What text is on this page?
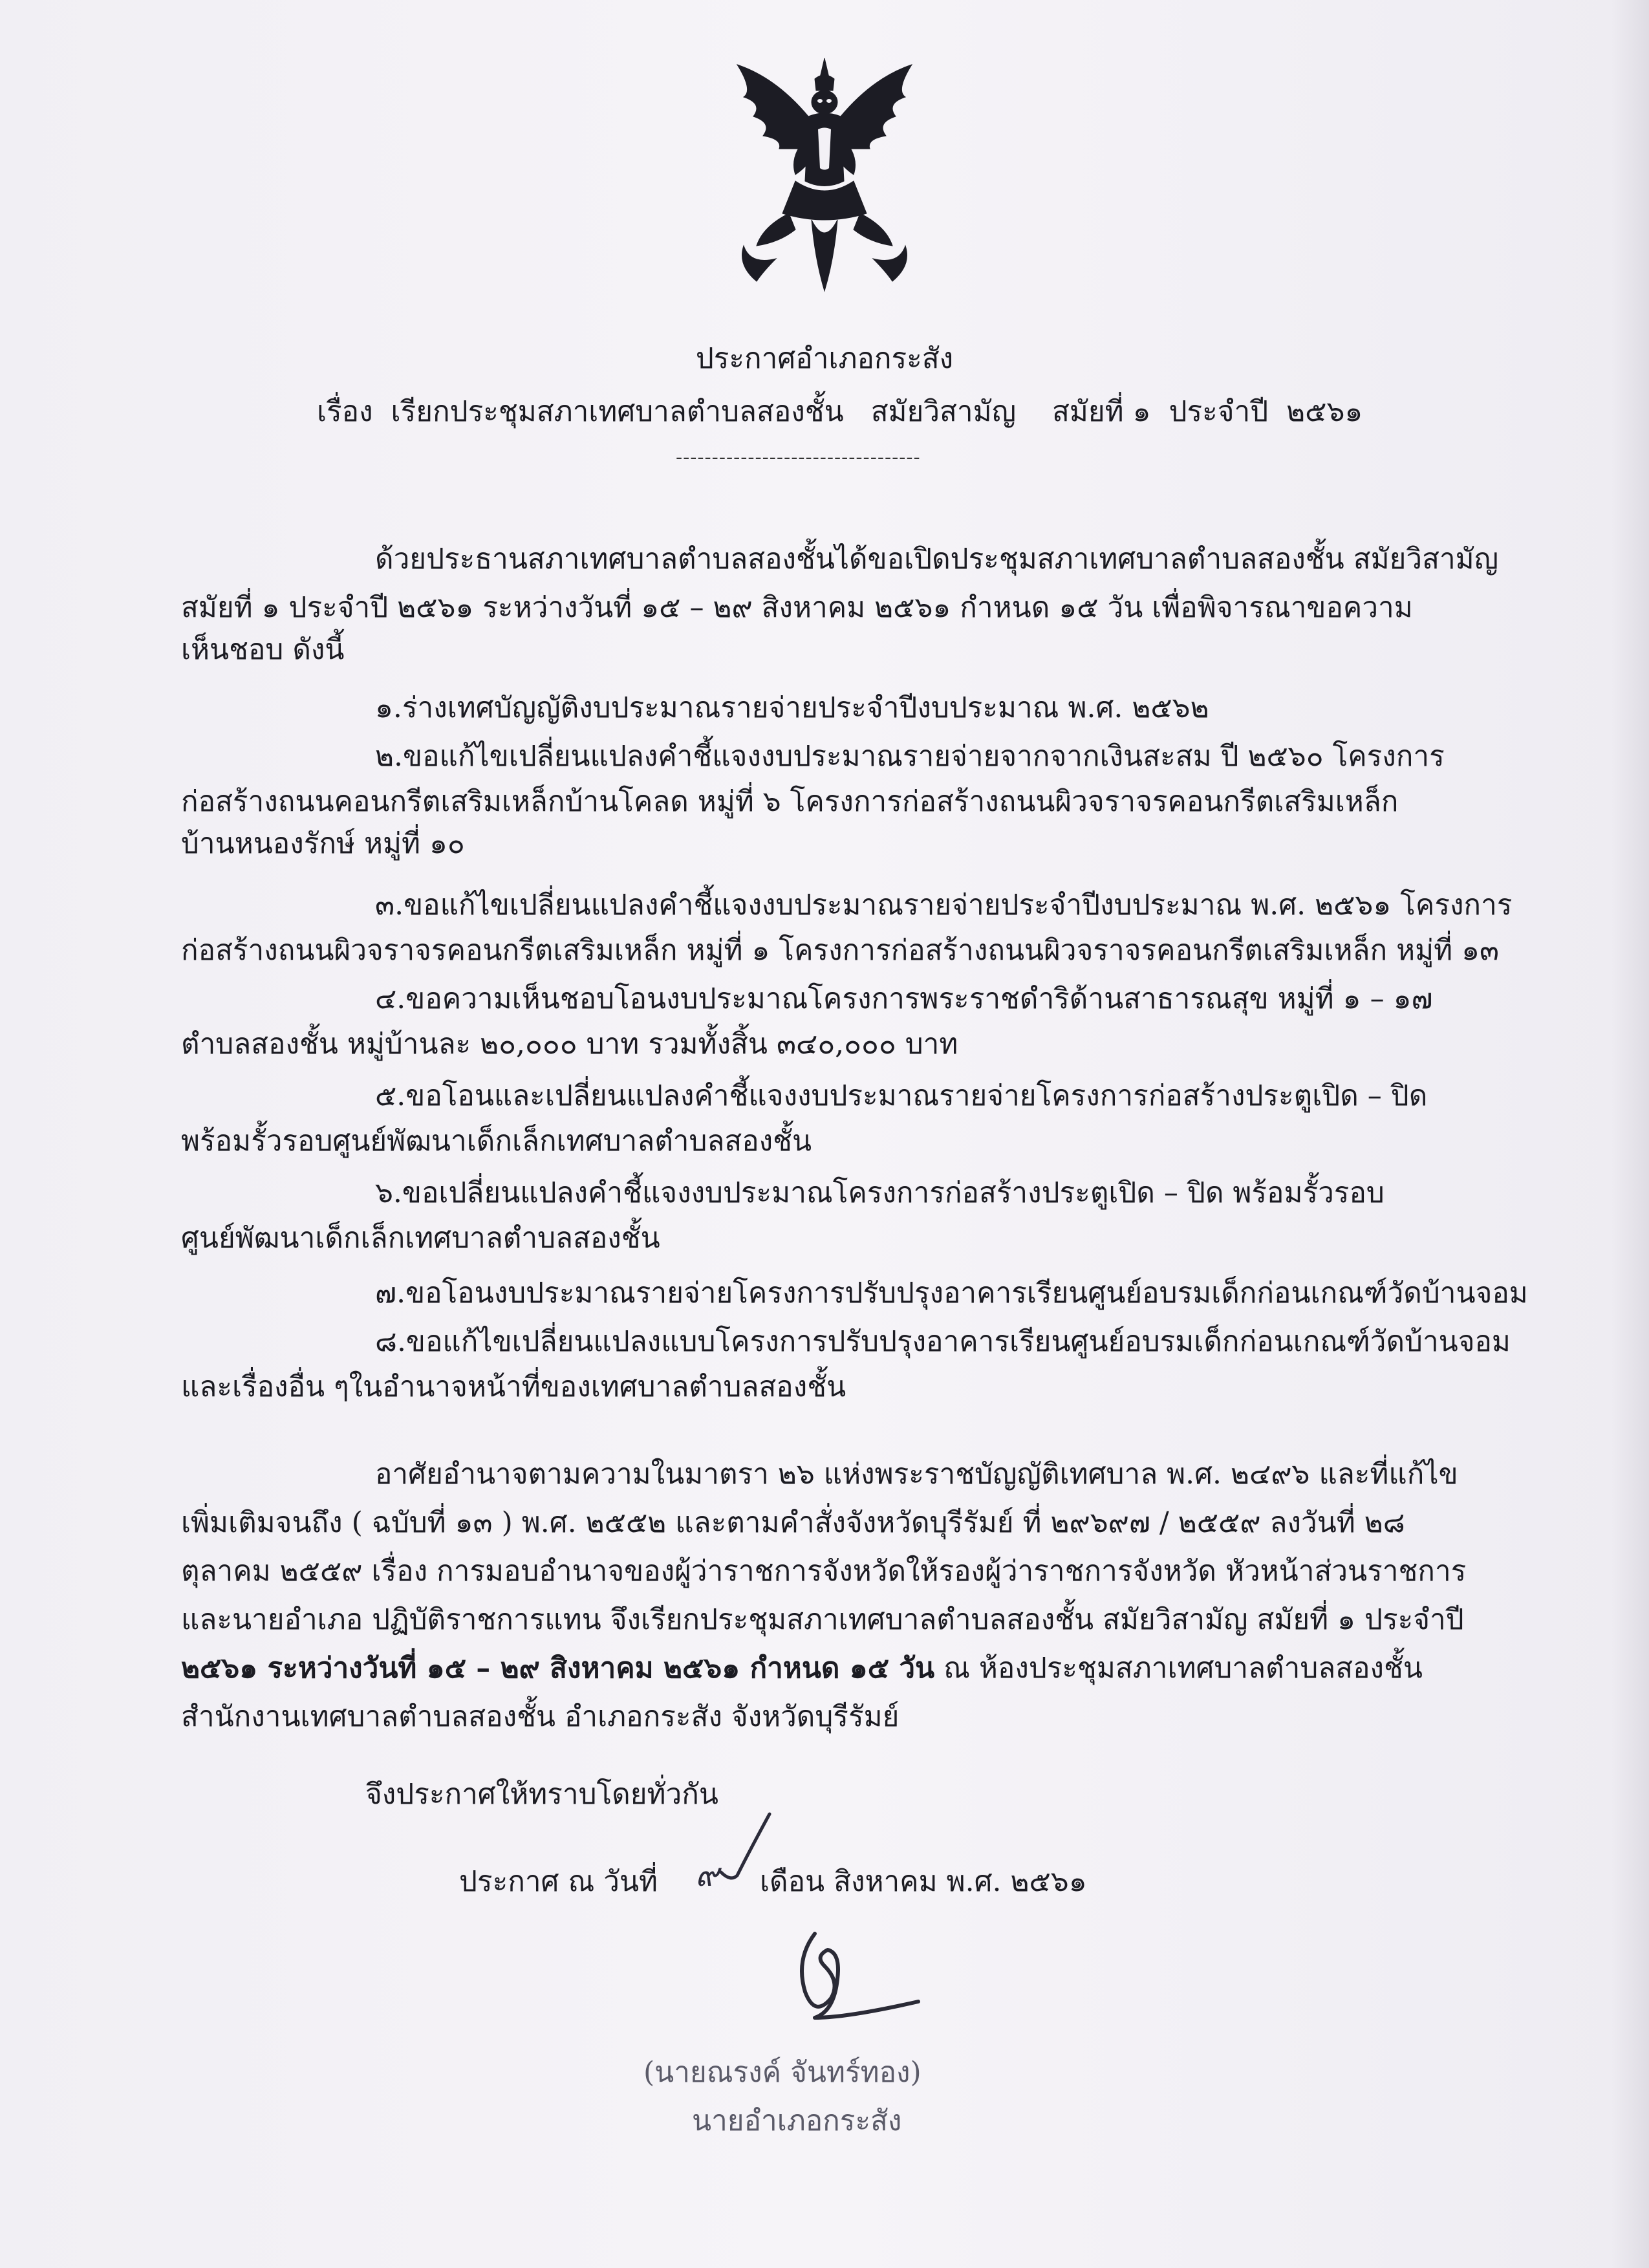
ประกาศอำเภอกระสัง
เรื่อง  เรียกประชุมสภาเทศบาลตำบลสองชั้น   สมัยวิสามัญ    สมัยที่ ๑  ประจำปี  ๒๕๖๑
----------------------------------
ด้วยประธานสภาเทศบาลตำบลสองชั้นได้ขอเปิดประชุมสภาเทศบาลตำบลสองชั้น สมัยวิสามัญ
สมัยที่ ๑ ประจำปี ๒๕๖๑ ระหว่างวันที่ ๑๕ – ๒๙ สิงหาคม ๒๕๖๑ กำหนด ๑๕ วัน เพื่อพิจารณาขอความ
เห็นชอบ ดังนี้
๑.ร่างเทศบัญญัติงบประมาณรายจ่ายประจำปีงบประมาณ พ.ศ. ๒๕๖๒
๒.ขอแก้ไขเปลี่ยนแปลงคำชี้แจงงบประมาณรายจ่ายจากจากเงินสะสม ปี ๒๕๖๐ โครงการ
ก่อสร้างถนนคอนกรีตเสริมเหล็กบ้านโคลด หมู่ที่ ๖ โครงการก่อสร้างถนนผิวจราจรคอนกรีตเสริมเหล็ก
บ้านหนองรักษ์ หมู่ที่ ๑๐
๓.ขอแก้ไขเปลี่ยนแปลงคำชี้แจงงบประมาณรายจ่ายประจำปีงบประมาณ พ.ศ. ๒๕๖๑ โครงการ
ก่อสร้างถนนผิวจราจรคอนกรีตเสริมเหล็ก หมู่ที่ ๑ โครงการก่อสร้างถนนผิวจราจรคอนกรีตเสริมเหล็ก หมู่ที่ ๑๓
๔.ขอความเห็นชอบโอนงบประมาณโครงการพระราชดำริด้านสาธารณสุข หมู่ที่ ๑ – ๑๗
ตำบลสองชั้น หมู่บ้านละ ๒๐,๐๐๐ บาท รวมทั้งสิ้น ๓๔๐,๐๐๐ บาท
๕.ขอโอนและเปลี่ยนแปลงคำชี้แจงงบประมาณรายจ่ายโครงการก่อสร้างประตูเปิด – ปิด
พร้อมรั้วรอบศูนย์พัฒนาเด็กเล็กเทศบาลตำบลสองชั้น
๖.ขอเปลี่ยนแปลงคำชี้แจงงบประมาณโครงการก่อสร้างประตูเปิด – ปิด พร้อมรั้วรอบ
ศูนย์พัฒนาเด็กเล็กเทศบาลตำบลสองชั้น
๗.ขอโอนงบประมาณรายจ่ายโครงการปรับปรุงอาคารเรียนศูนย์อบรมเด็กก่อนเกณฑ์วัดบ้านจอม
๘.ขอแก้ไขเปลี่ยนแปลงแบบโครงการปรับปรุงอาคารเรียนศูนย์อบรมเด็กก่อนเกณฑ์วัดบ้านจอม
และเรื่องอื่น ๆในอำนาจหน้าที่ของเทศบาลตำบลสองชั้น
อาศัยอำนาจตามความในมาตรา ๒๖ แห่งพระราชบัญญัติเทศบาล พ.ศ. ๒๔๙๖ และที่แก้ไข
เพิ่มเติมจนถึง ( ฉบับที่ ๑๓ ) พ.ศ. ๒๕๕๒ และตามคำสั่งจังหวัดบุรีรัมย์ ที่ ๒๙๖๙๗ / ๒๕๕๙ ลงวันที่ ๒๘
ตุลาคม ๒๕๕๙ เรื่อง การมอบอำนาจของผู้ว่าราชการจังหวัดให้รองผู้ว่าราชการจังหวัด หัวหน้าส่วนราชการ
และนายอำเภอ ปฏิบัติราชการแทน จึงเรียกประชุมสภาเทศบาลตำบลสองชั้น สมัยวิสามัญ สมัยที่ ๑ ประจำปี
๒๕๖๑ ระหว่างวันที่ ๑๕ – ๒๙ สิงหาคม ๒๕๖๑ กำหนด ๑๕ วัน ณ ห้องประชุมสภาเทศบาลตำบลสองชั้น
สำนักงานเทศบาลตำบลสองชั้น อำเภอกระสัง จังหวัดบุรีรัมย์
จึงประกาศให้ทราบโดยทั่วกัน
ประกาศ ณ วันที่ ๙ เดือน สิงหาคม พ.ศ. ๒๕๖๑
(นายณรงค์ จันทร์ทอง)
นายอำเภอกระสัง
